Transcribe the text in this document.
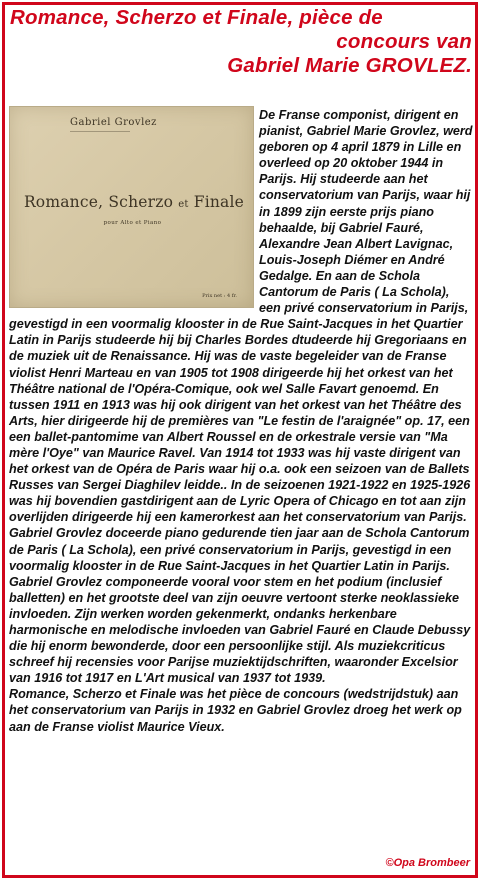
Romance, Scherzo et Finale, pièce de
concours van
Gabriel Marie GROVLEZ.
Gabriel Grovlez
Romance, Scherzo et Finale
pour Alto et Piano
Prix net : 4 fr.

De Franse componist, dirigent en pianist, Gabriel Marie Grovlez, werd geboren op 4 april 1879 in Lille en overleed op 20 oktober 1944 in Parijs. Hij studeerde aan het conservatorium van Parijs, waar hij in 1899 zijn eerste prijs piano behaalde, bij Gabriel Fauré, Alexandre Jean Albert Lavignac, Louis-Joseph Diémer en André Gedalge. En aan de Schola Cantorum de Paris ( La Schola), een privé conservatorium in Parijs, gevestigd in een voormalig klooster in de Rue Saint-Jacques in het Quartier Latin in Parijs studeerde hij bij Charles Bordes dtudeerde hij Gregoriaans en de muziek uit de Renaissance. Hij was de vaste begeleider van de Franse violist Henri Marteau en van 1905 tot 1908 dirigeerde hij het orkest van het Théâtre national de l'Opéra-Comique, ook wel Salle Favart genoemd. En tussen 1911 en 1913 was hij ook dirigent van het orkest van het Théâtre des Arts, hier dirigeerde hij de premières van "Le festin de l'araignée" op. 17, een een ballet-pantomime van Albert Roussel en de orkestrale versie van "Ma mère l'Oye" van Maurice Ravel. Van 1914 tot 1933 was hij vaste dirigent van het orkest van de Opéra de Paris waar hij o.a. ook een seizoen van de Ballets Russes van Sergei Diaghilev leidde.. In de seizoenen 1921-1922 en 1925-1926 was hij bovendien gastdirigent aan de Lyric Opera of Chicago en tot aan zijn overlijden dirigeerde hij een kamerorkest aan het conservatorium van Parijs.

Gabriel Grovlez doceerde piano gedurende tien jaar aan de Schola Cantorum de Paris ( La Schola), een privé conservatorium in Parijs, gevestigd in een voormalig klooster in de Rue Saint-Jacques in het Quartier Latin in Parijs.

Gabriel Grovlez componeerde vooral voor stem en het podium (inclusief balletten) en het grootste deel van zijn oeuvre vertoont sterke neoklassieke invloeden. Zijn werken worden gekenmerkt, ondanks herkenbare harmonische en melodische invloeden van Gabriel Fauré en Claude Debussy die hij enorm bewonderde, door een persoonlijke stijl. Als muziekcriticus schreef hij recensies voor Parijse muziektijdschriften, waaronder Excelsior van 1916 tot 1917 en L'Art musical van 1937 tot 1939.

Romance, Scherzo et Finale was het pièce de concours (wedstrijdstuk) aan het conservatorium van Parijs in 1932 en Gabriel Grovlez droeg het werk op aan de Franse violist Maurice Vieux.

©Opa Brombeer
